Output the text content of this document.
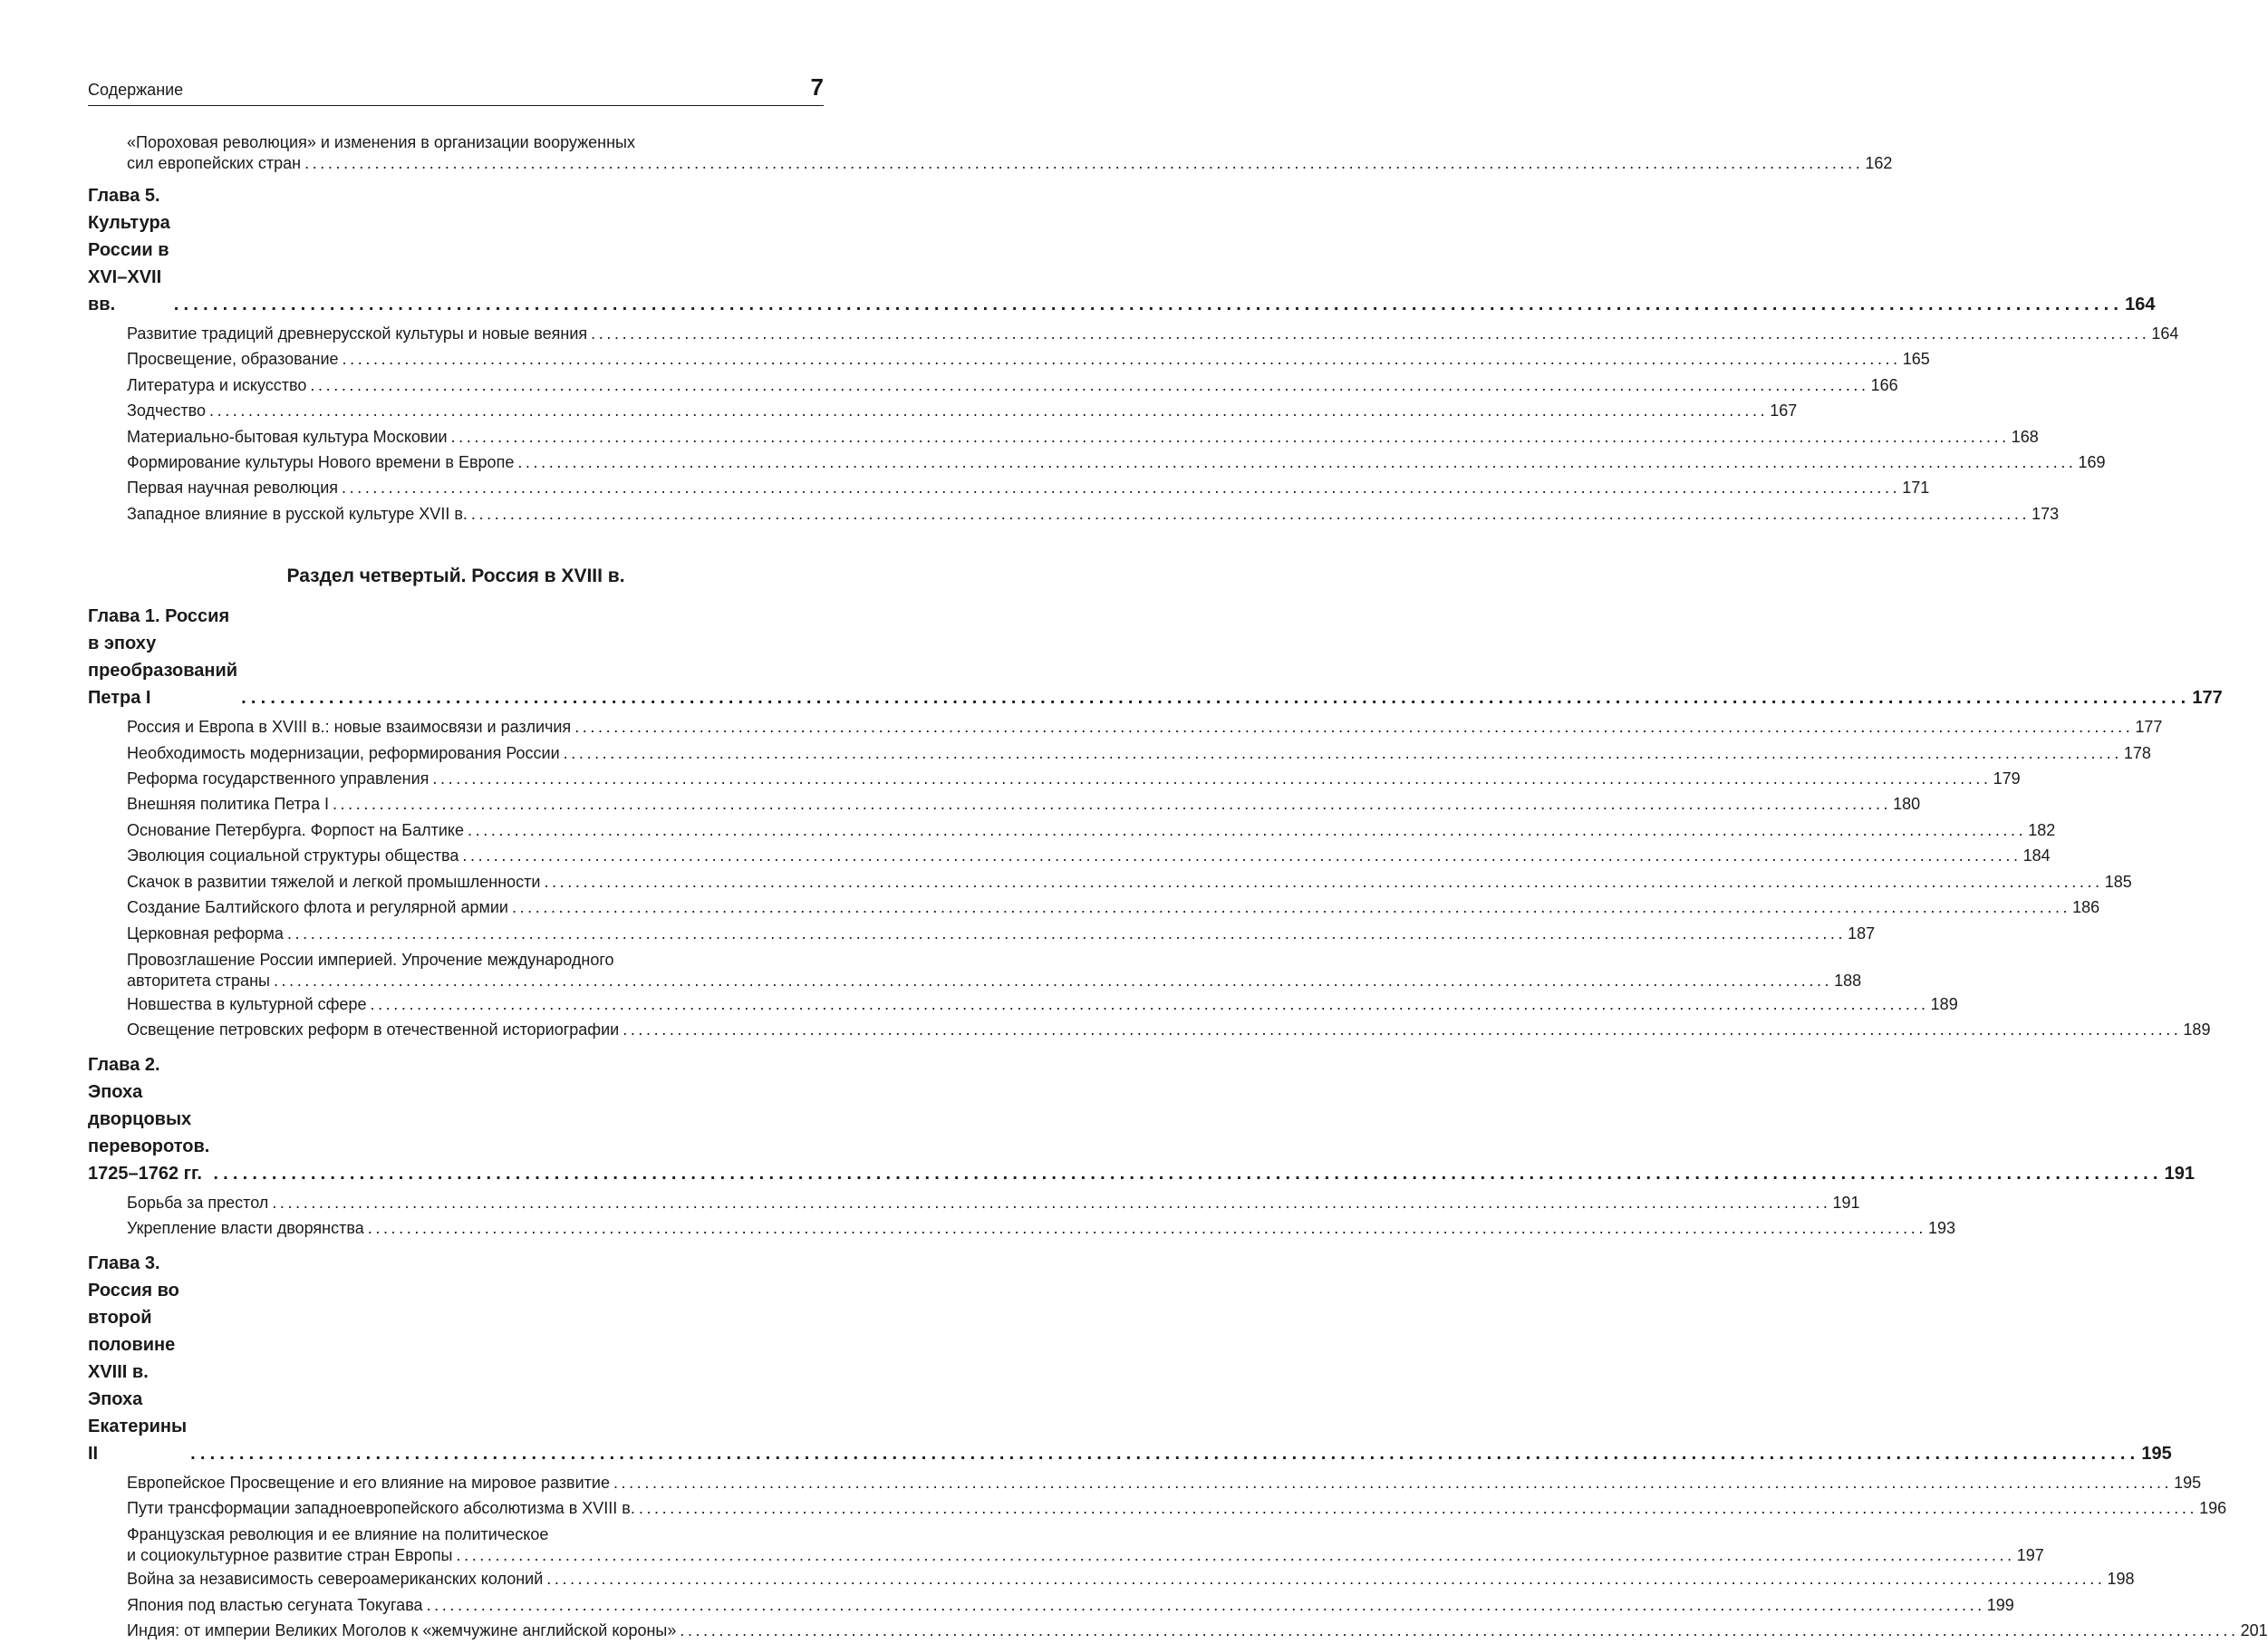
Содержание	7
«Пороховая революция» и изменения в организации вооруженных
сил европейских стран ........................................................................................................................................................................................................ 162
Глава 5. Культура России в XVI–XVII вв.	........................................................................................................................................................................................................ 164
Развитие традиций древнерусской культуры и новые веяния ........................................................................................................................................................................................................ 164
Просвещение, образование ........................................................................................................................................................................................................ 165
Литература и искусство ........................................................................................................................................................................................................ 166
Зодчество ........................................................................................................................................................................................................ 167
Материально-бытовая культура Московии ........................................................................................................................................................................................................ 168
Формирование культуры Нового времени в Европе ........................................................................................................................................................................................................ 169
Первая научная революция ........................................................................................................................................................................................................ 171
Западное влияние в русской культуре XVII в. ........................................................................................................................................................................................................ 173
Раздел четвертый. Россия в XVIII в.
Глава 1. Россия в эпоху преобразований Петра I	........................................................................................................................................................................................................ 177
Россия и Европа в XVIII в.: новые взаимосвязи и различия ........................................................................................................................................................................................................ 177
Необходимость модернизации, реформирования России ........................................................................................................................................................................................................ 178
Реформа государственного управления ........................................................................................................................................................................................................ 179
Внешняя политика Петра I ........................................................................................................................................................................................................ 180
Основание Петербурга. Форпост на Балтике ........................................................................................................................................................................................................ 182
Эволюция социальной структуры общества ........................................................................................................................................................................................................ 184
Скачок в развитии тяжелой и легкой промышленности ........................................................................................................................................................................................................ 185
Создание Балтийского флота и регулярной армии ........................................................................................................................................................................................................ 186
Церковная реформа ........................................................................................................................................................................................................ 187
Провозглашение России империей. Упрочение международного
авторитета страны ........................................................................................................................................................................................................ 188
Новшества в культурной сфере ........................................................................................................................................................................................................ 189
Освещение петровских реформ в отечественной историографии ........................................................................................................................................................................................................ 189
Глава 2. Эпоха дворцовых переворотов. 1725–1762 гг. ........................................................................................................................................................................................................ 191
Борьба за престол ........................................................................................................................................................................................................ 191
Укрепление власти дворянства ........................................................................................................................................................................................................ 193
Глава 3. Россия во второй половине XVIII в. Эпоха Екатерины II	........................................................................................................................................................................................................ 195
Европейское Просвещение и его влияние на мировое развитие ........................................................................................................................................................................................................ 195
Пути трансформации западноевропейского абсолютизма в XVIII в. ........................................................................................................................................................................................................ 196
Французская революция и ее влияние на политическое
и социокультурное развитие стран Европы ........................................................................................................................................................................................................ 197
Война за независимость североамериканских колоний ........................................................................................................................................................................................................ 198
Япония под властью сегуната Токугава ........................................................................................................................................................................................................ 199
Индия: от империи Великих Моголов к «жемчужине английской короны» ........................................................................................................................................................................................................ 201
